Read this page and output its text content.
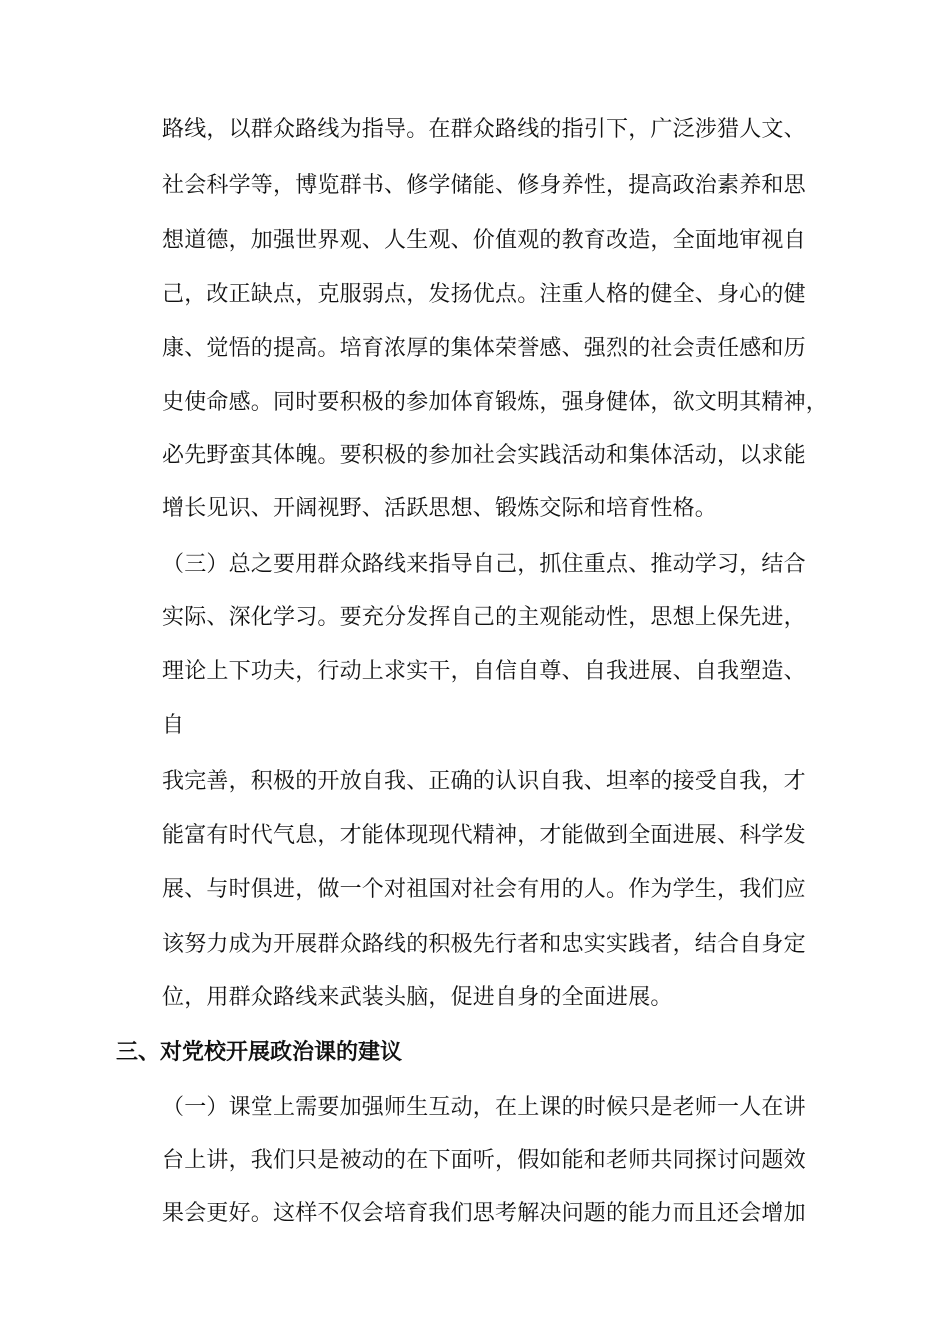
路线，以群众路线为指导。在群众路线的指引下，广泛涉猎人文、
社会科学等，博览群书、修学储能、修身养性，提高政治素养和思
想道德，加强世界观、人生观、价值观的教育改造，全面地审视自
己，改正缺点，克服弱点，发扬优点。注重人格的健全、身心的健
康、觉悟的提高。培育浓厚的集体荣誉感、强烈的社会责任感和历
史使命感。同时要积极的参加体育锻炼，强身健体，欲文明其精神，
必先野蛮其体魄。要积极的参加社会实践活动和集体活动，以求能
增长见识、开阔视野、活跃思想、锻炼交际和培育性格。
（三）总之要用群众路线来指导自己，抓住重点、推动学习，结合
实际、深化学习。要充分发挥自己的主观能动性，思想上保先进，
理论上下功夫，行动上求实干，自信自尊、自我进展、自我塑造、
自
我完善，积极的开放自我、正确的认识自我、坦率的接受自我，才
能富有时代气息，才能体现现代精神，才能做到全面进展、科学发
展、与时俱进，做一个对祖国对社会有用的人。作为学生，我们应
该努力成为开展群众路线的积极先行者和忠实实践者，结合自身定
位，用群众路线来武装头脑，促进自身的全面进展。
三、对党校开展政治课的建议
（一）课堂上需要加强师生互动，在上课的时候只是老师一人在讲
台上讲，我们只是被动的在下面听，假如能和老师共同探讨问题效
果会更好。这样不仅会培育我们思考解决问题的能力而且还会增加
